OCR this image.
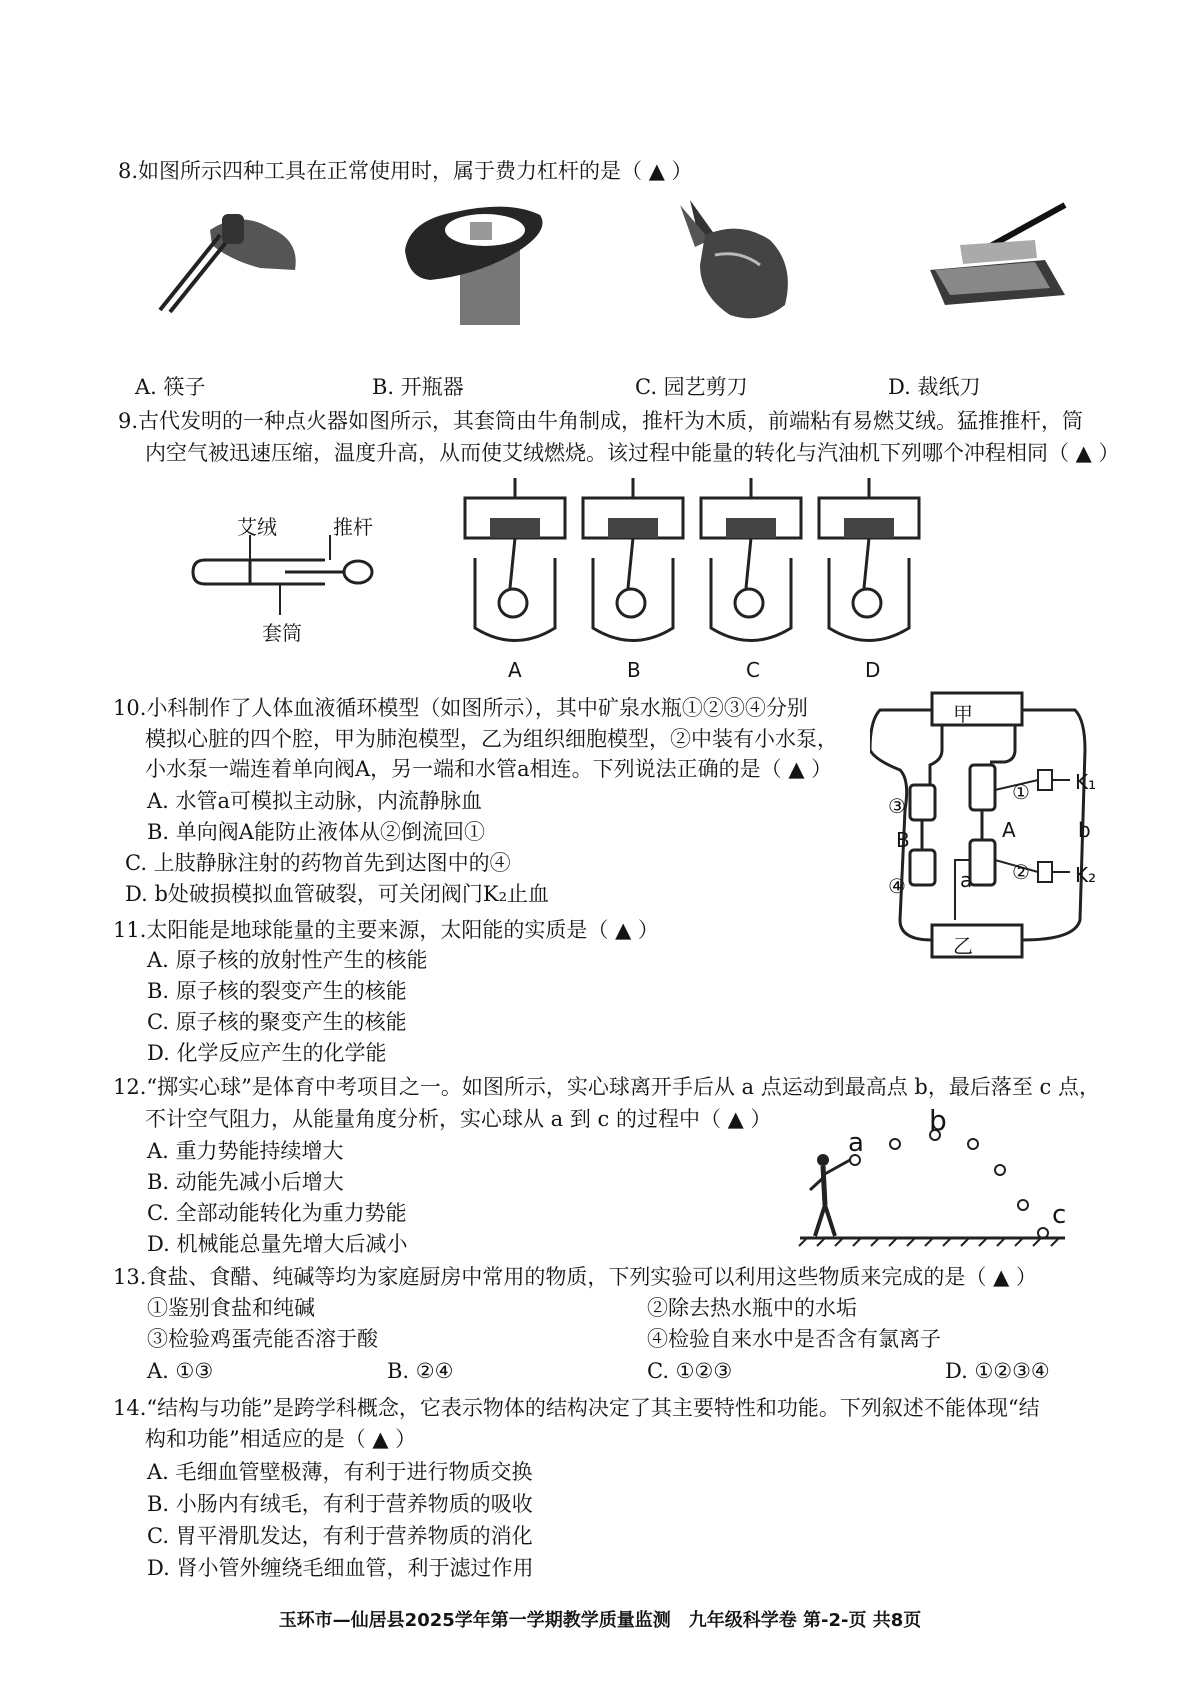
8.如图所示四种工具在正常使用时，属于费力杠杆的是（ ▲ ）
A. 筷子	B. 开瓶器	C. 园艺剪刀	D. 裁纸刀
9.古代发明的一种点火器如图所示，其套筒由牛角制成，推杆为木质，前端粘有易燃艾绒。猛推推杆，筒
内空气被迅速压缩，温度升高，从而使艾绒燃烧。该过程中能量的转化与汽油机下列哪个冲程相同（ ▲ ）
艾绒	推杆
套筒
A	B	C	D
10.小科制作了人体血液循环模型（如图所示），其中矿泉水瓶①②③④分别
模拟心脏的四个腔，甲为肺泡模型，乙为组织细胞模型，②中装有小水泵，
小水泵一端连着单向阀A，另一端和水管a相连。下列说法正确的是（ ▲ ）
A. 水管a可模拟主动脉，内流静脉血
B. 单向阀A能防止液体从②倒流回①
C. 上肢静脉注射的药物首先到达图中的④
D. b处破损模拟血管破裂，可关闭阀门K₂止血
甲
乙
K₁
K₂
b
a
A
B
①
②
③
④
11.太阳能是地球能量的主要来源，太阳能的实质是（ ▲ ）
A. 原子核的放射性产生的核能
B. 原子核的裂变产生的核能
C. 原子核的聚变产生的核能
D. 化学反应产生的化学能
12.“掷实心球”是体育中考项目之一。如图所示，实心球离开手后从 a 点运动到最高点 b，最后落至 c 点，
不计空气阻力，从能量角度分析，实心球从 a 到 c 的过程中（ ▲ ）
A. 重力势能持续增大
B. 动能先减小后增大
C. 全部动能转化为重力势能
D. 机械能总量先增大后减小
a
b
c
13.食盐、食醋、纯碱等均为家庭厨房中常用的物质，下列实验可以利用这些物质来完成的是（ ▲ ）
①鉴别食盐和纯碱	②除去热水瓶中的水垢
③检验鸡蛋壳能否溶于酸	④检验自来水中是否含有氯离子
A. ①③	B. ②④	C. ①②③	D. ①②③④
14.“结构与功能”是跨学科概念，它表示物体的结构决定了其主要特性和功能。下列叙述不能体现“结
构和功能”相适应的是（ ▲ ）
A. 毛细血管壁极薄，有利于进行物质交换
B. 小肠内有绒毛，有利于营养物质的吸收
C. 胃平滑肌发达，有利于营养物质的消化
D. 肾小管外缠绕毛细血管，利于滤过作用
玉环市—仙居县2025学年第一学期教学质量监测　九年级科学卷 第-2-页 共8页
